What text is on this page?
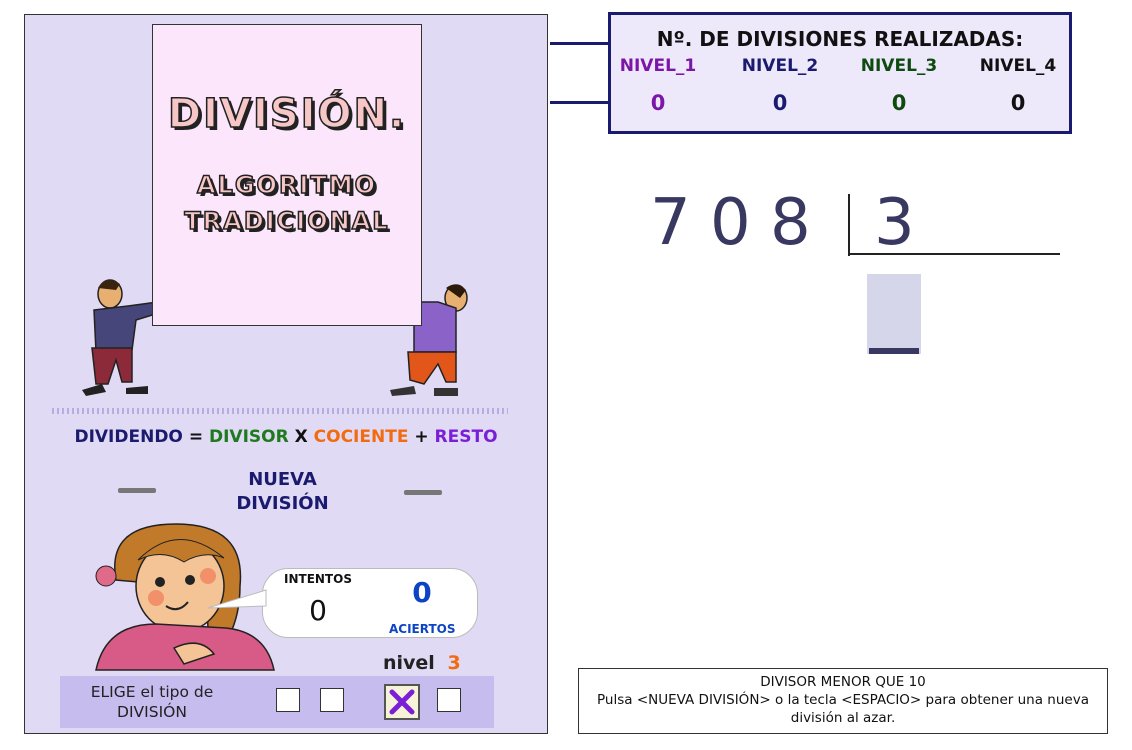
DIVISIÓN.
ALGORITMO
TRADICIONAL
DIVIDENDO = DIVISOR X COCIENTE + RESTO
NUEVA
DIVISIÓN
INTENTOS
0
0
ACIERTOS
nivel 3
ELIGE el tipo de
DIVISIÓN
Nº. DE DIVISIONES REALIZADAS:
NIVEL_1	NIVEL_2	NIVEL_3	NIVEL_4
0	0	0	0
7 0 8 3
DIVISOR MENOR QUE 10
Pulsa <NUEVA DIVISIÓN> o la tecla <ESPACIO> para obtener una nueva
división al azar.
